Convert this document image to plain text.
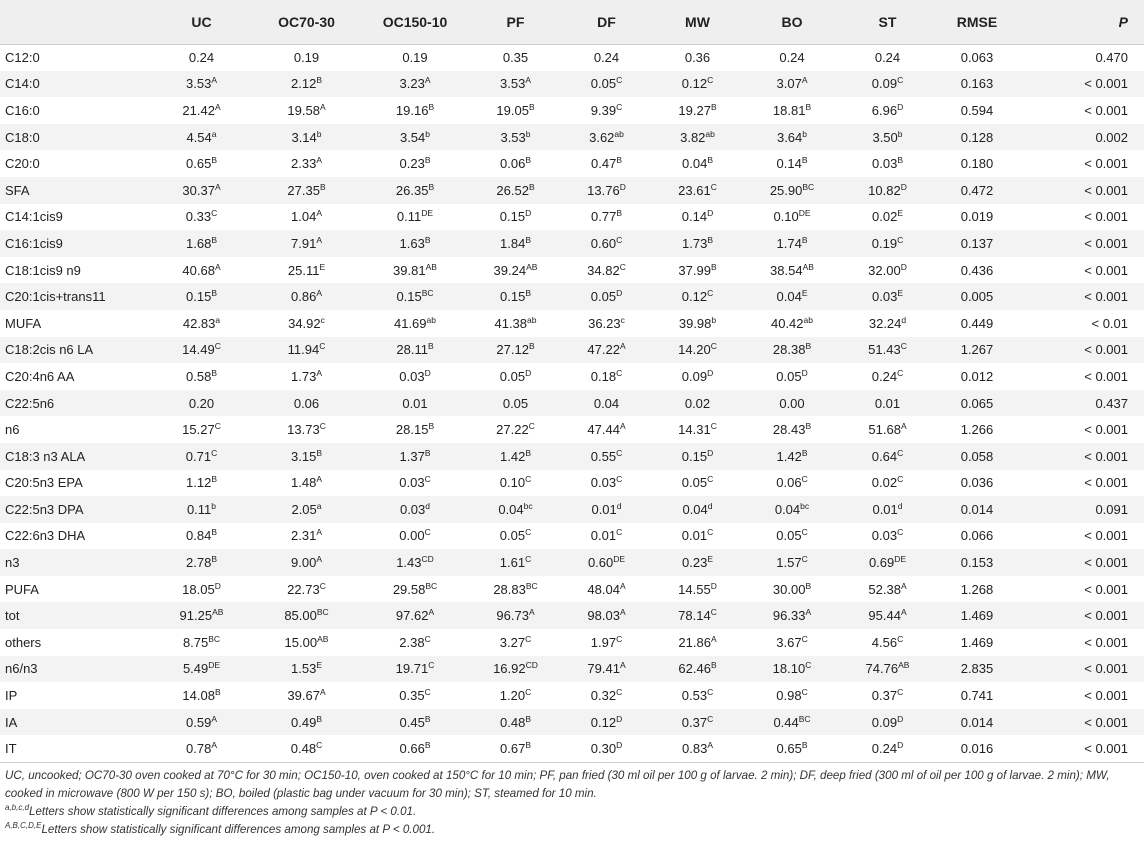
	UC	OC70-30	OC150-10	PF	DF	MW	BO	ST	RMSE	P
C12:0	0.24	0.19	0.19	0.35	0.24	0.36	0.24	0.24	0.063	0.470
C14:0	$3.53^A$	$2.12^B$	$3.23^A$	$3.53^A$	$0.05^C$	$0.12^C$	$3.07^A$	$0.09^C$	0.163	< 0.001
C16:0	$21.42^A$	$19.58^A$	$19.16^B$	$19.05^B$	$9.39^C$	$19.27^B$	$18.81^B$	$6.96^D$	0.594	< 0.001
C18:0	4.54$^a$	3.14$^b$	3.54$^b$	3.53$^b$	3.62$^{ab}$	3.82$^{ab}$	3.64$^b$	3.50$^b$	0.128	0.002
C20:0	$0.65^B$	$2.33^A$	$0.23^B$	$0.06^B$	$0.47^B$	$0.04^B$	$0.14^B$	$0.03^B$	0.180	< 0.001
SFA	$30.37^A$	$27.35^B$	$26.35^B$	$26.52^B$	$13.76^D$	$23.61^C$	$25.90^{BC}$	$10.82^D$	0.472	< 0.001
C14:1cis9	$0.33^C$	$1.04^A$	0.11DE	$0.15^D$	$0.77^B$	$0.14^D$	0.10DE	$0.02^E$	0.019	< 0.001
C16:1cis9	$1.68^B$	$7.91^A$	$1.63^B$	$1.84^B$	$0.60^C$	$1.73^B$	$1.74^B$	$0.19^C$	0.137	< 0.001
C18:1cis9 n9	$40.68^A$	$25.11^E$	$39.81^{AB}$	$39.24^{AB}$	$34.82^C$	$37.99^B$	$38.54^{AB}$	$32.00^D$	0.436	< 0.001
C20:1cis+trans11	$0.15^B$	$0.86^A$	$0.15^{BC}$	$0.15^B$	$0.05^D$	$0.12^C$	$0.04^E$	$0.03^E$	0.005	< 0.001
MUFA	42.83$^a$	34.92$^c$	41.69$^{ab}$	41.38$^{ab}$	36.23$^c$	39.98$^b$	40.42$^{ab}$	32.24$^d$	0.449	< 0.01
C18:2cis n6 LA	$14.49^C$	$11.94^C$	$28.11^B$	$27.12^B$	$47.22^A$	$14.20^C$	$28.38^B$	$51.43^C$	1.267	< 0.001
C20:4n6 AA	$0.58^B$	$1.73^A$	$0.03^D$	$0.05^D$	$0.18^C$	$0.09^D$	$0.05^D$	$0.24^C$	0.012	< 0.001
C22:5n6	0.20	0.06	0.01	0.05	0.04	0.02	0.00	0.01	0.065	0.437
n6	$15.27^C$	$13.73^C$	$28.15^B$	$27.22^C$	$47.44^A$	$14.31^C$	$28.43^B$	$51.68^A$	1.266	< 0.001
C18:3 n3 ALA	$0.71^C$	$3.15^B$	$1.37^B$	$1.42^B$	$0.55^C$	$0.15^D$	$1.42^B$	$0.64^C$	0.058	< 0.001
C20:5n3 EPA	$1.12^B$	$1.48^A$	$0.03^C$	$0.10^C$	$0.03^C$	$0.05^C$	$0.06^C$	$0.02^C$	0.036	< 0.001
C22:5n3 DPA	0.11$^b$	2.05$^a$	0.03$^d$	0.04$^{bc}$	0.01$^d$	0.04$^d$	0.04$^{bc}$	0.01$^d$	0.014	0.091
C22:6n3 DHA	$0.84^B$	$2.31^A$	$0.00^C$	$0.05^C$	$0.01^C$	$0.01^C$	$0.05^C$	$0.03^C$	0.066	< 0.001
n3	$2.78^B$	$9.00^A$	$1.43^{CD}$	$1.61^C$	0.60DE	$0.23^E$	$1.57^C$	0.69DE	0.153	< 0.001
PUFA	$18.05^D$	$22.73^C$	$29.58^{BC}$	$28.83^{BC}$	$48.04^A$	$14.55^D$	$30.00^B$	$52.38^A$	1.268	< 0.001
tot	$91.25^{AB}$	$85.00^{BC}$	$97.62^A$	$96.73^A$	$98.03^A$	$78.14^C$	$96.33^A$	$95.44^A$	1.469	< 0.001
others	$8.75^{BC}$	$15.00^{AB}$	$2.38^C$	$3.27^C$	$1.97^C$	$21.86^A$	$3.67^C$	$4.56^C$	1.469	< 0.001
n6/n3	5.49DE	$1.53^E$	$19.71^C$	$16.92^{CD}$	$79.41^A$	$62.46^B$	$18.10^C$	$74.76^{AB}$	2.835	< 0.001
IP	$14.08^B$	$39.67^A$	$0.35^C$	$1.20^C$	$0.32^C$	$0.53^C$	$0.98^C$	$0.37^C$	0.741	< 0.001
IA	$0.59^A$	$0.49^B$	$0.45^B$	$0.48^B$	$0.12^D$	$0.37^C$	$0.44^{BC}$	$0.09^D$	0.014	< 0.001
IT	$0.78^A$	$0.48^C$	$0.66^B$	$0.67^B$	$0.30^D$	$0.83^A$	$0.65^B$	$0.24^D$	0.016	< 0.001

UC, uncooked; OC70-30 oven cooked at 70°C for 30 min; OC150-10, oven cooked at 150°C for 10 min; PF, pan fried (30 ml oil per 100 g of larvae. 2 min); DF, deep fried (300 ml of oil per 100 g of larvae. 2 min); MW, cooked in microwave (800 W per 150 s); BO, boiled (plastic bag under vacuum for 30 min); ST, steamed for 10 min.

$^{a,b,c,d}$Letters show statistically significant differences among samples at P < 0.01.

$^{A,B,C,D,E}$Letters show statistically significant differences among samples at P < 0.001.
